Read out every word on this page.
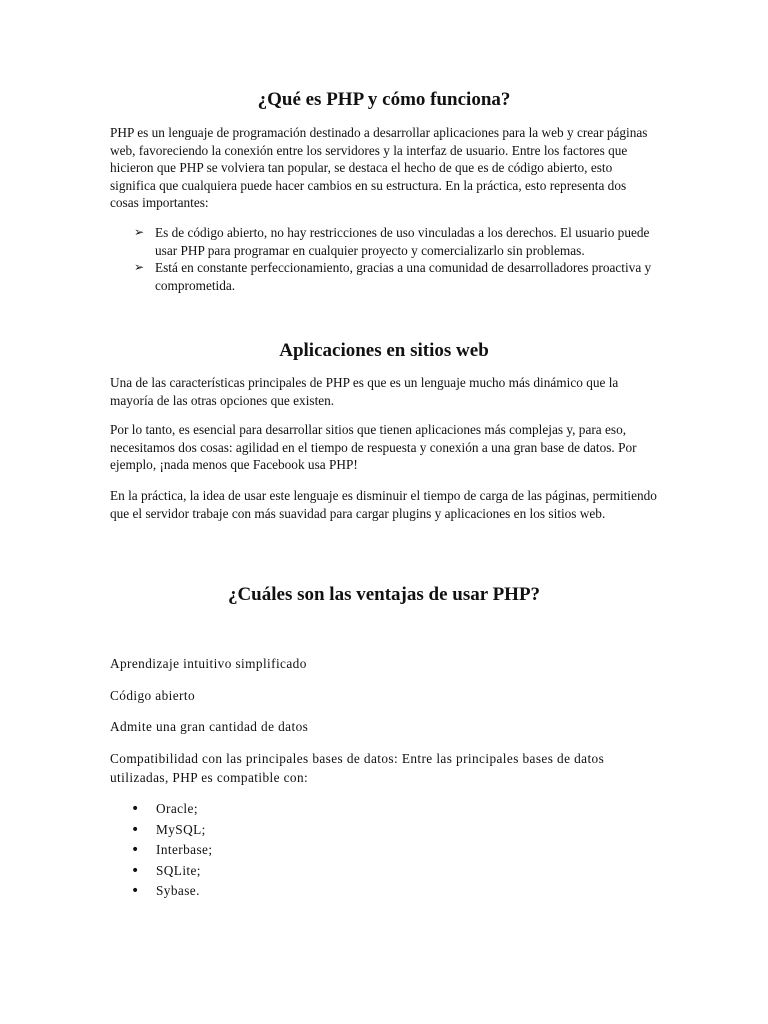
¿Qué es PHP y cómo funciona?
PHP es un lenguaje de programación destinado a desarrollar aplicaciones para la web y crear páginas web, favoreciendo la conexión entre los servidores y la interfaz de usuario. Entre los factores que hicieron que PHP se volviera tan popular, se destaca el hecho de que es de código abierto, esto significa que cualquiera puede hacer cambios en su estructura. En la práctica, esto representa dos cosas importantes:
➢ Es de código abierto, no hay restricciones de uso vinculadas a los derechos. El usuario puede usar PHP para programar en cualquier proyecto y comercializarlo sin problemas.
➢ Está en constante perfeccionamiento, gracias a una comunidad de desarrolladores proactiva y comprometida.
Aplicaciones en sitios web
Una de las características principales de PHP es que es un lenguaje mucho más dinámico que la mayoría de las otras opciones que existen.
Por lo tanto, es esencial para desarrollar sitios que tienen aplicaciones más complejas y, para eso, necesitamos dos cosas: agilidad en el tiempo de respuesta y conexión a una gran base de datos. Por ejemplo, ¡nada menos que Facebook usa PHP!
En la práctica, la idea de usar este lenguaje es disminuir el tiempo de carga de las páginas, permitiendo que el servidor trabaje con más suavidad para cargar plugins y aplicaciones en los sitios web.
¿Cuáles son las ventajas de usar PHP?
Aprendizaje intuitivo simplificado
Código abierto
Admite una gran cantidad de datos
Compatibilidad con las principales bases de datos: Entre las principales bases de datos utilizadas, PHP es compatible con:
• Oracle;
• MySQL;
• Interbase;
• SQLite;
• Sybase.
